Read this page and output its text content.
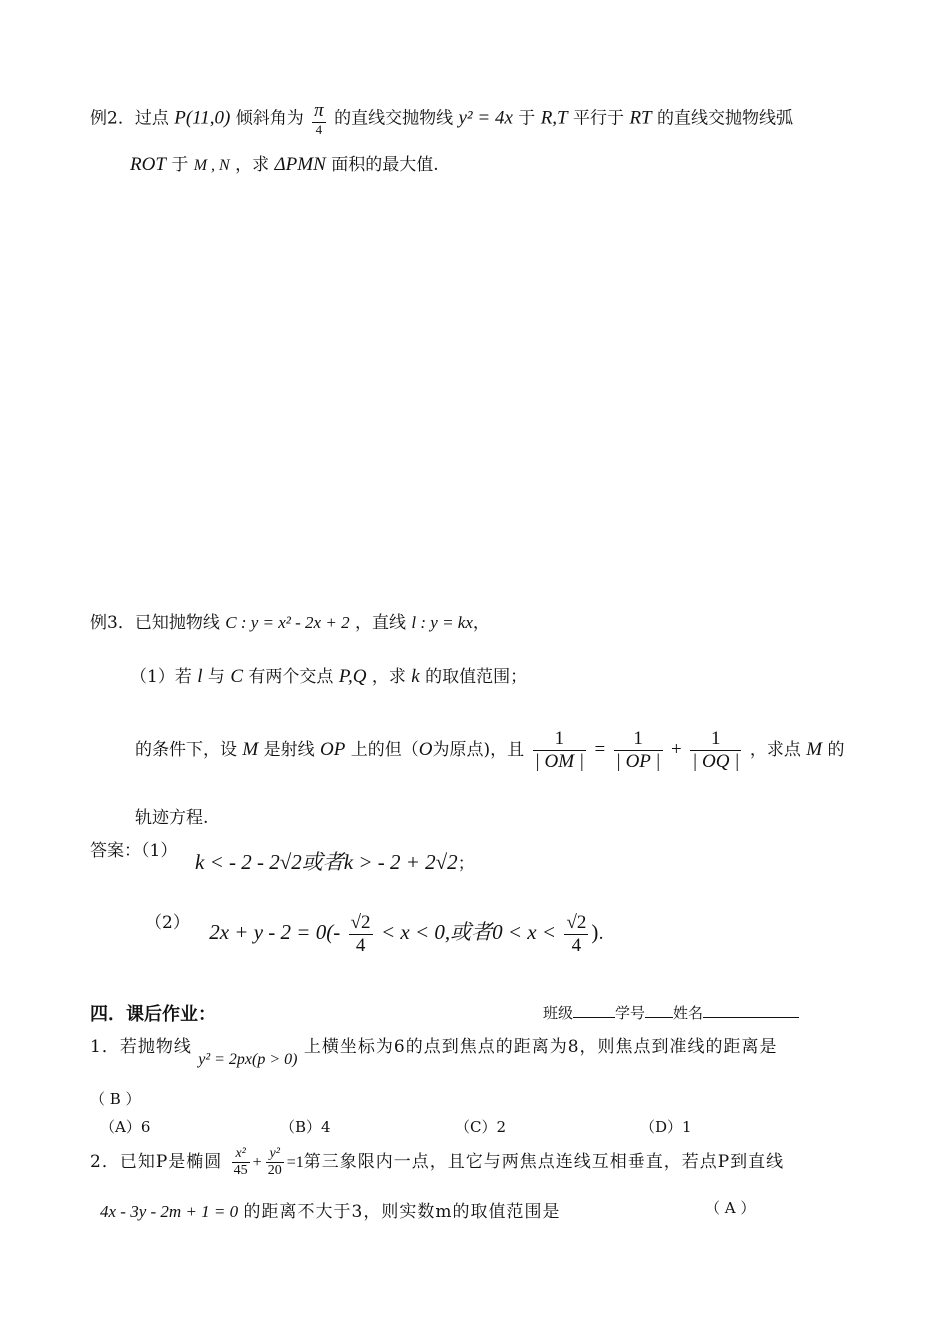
例2．过点 P(11,0) 倾斜角为 $\frac{\pi}{4}$ 的直线交抛物线 y² = 4x 于 R,T 平行于 RT 的直线交抛物线弧
ROT 于 M , N ，求 ΔPMN 面积的最大值.
例3．已知抛物线 C : y = x² - 2x + 2 ，直线 l : y = kx，
（1）若 l 与 C 有两个交点 P,Q ，求 k 的取值范围；
的条件下，设 M 是射线 OP 上的但（O为原点)，且 $\frac{1}{| OM |} = \frac{1}{| OP |} + \frac{1}{| OQ |}$ ，求点 M 的
轨迹方程.
答案：（1） k < - 2 - 2√2或者k > - 2 + 2√2；
（2） $2x + y - 2 = 0(- \frac{√2}{4} < x < 0$,或者$0 < x < \frac{√2}{4}$ ).
四．课后作业：	班级	学号 姓名
1．若抛物线 y² = 2px(p > 0) 上横坐标为6的点到焦点的距离为8，则焦点到准线的距离是
（ B ）
（A）6	（B）4	（C）2	（D）1
2．已知P是椭圆 $\frac{\text{x²}}{45} + \frac{\text{y²}}{20} =1$第三象限内一点，且它与两焦点连线互相垂直，若点P到直线
4x - 3y - 2m + 1 = 0 的距离不大于3，则实数m的取值范围是	（ A ）
